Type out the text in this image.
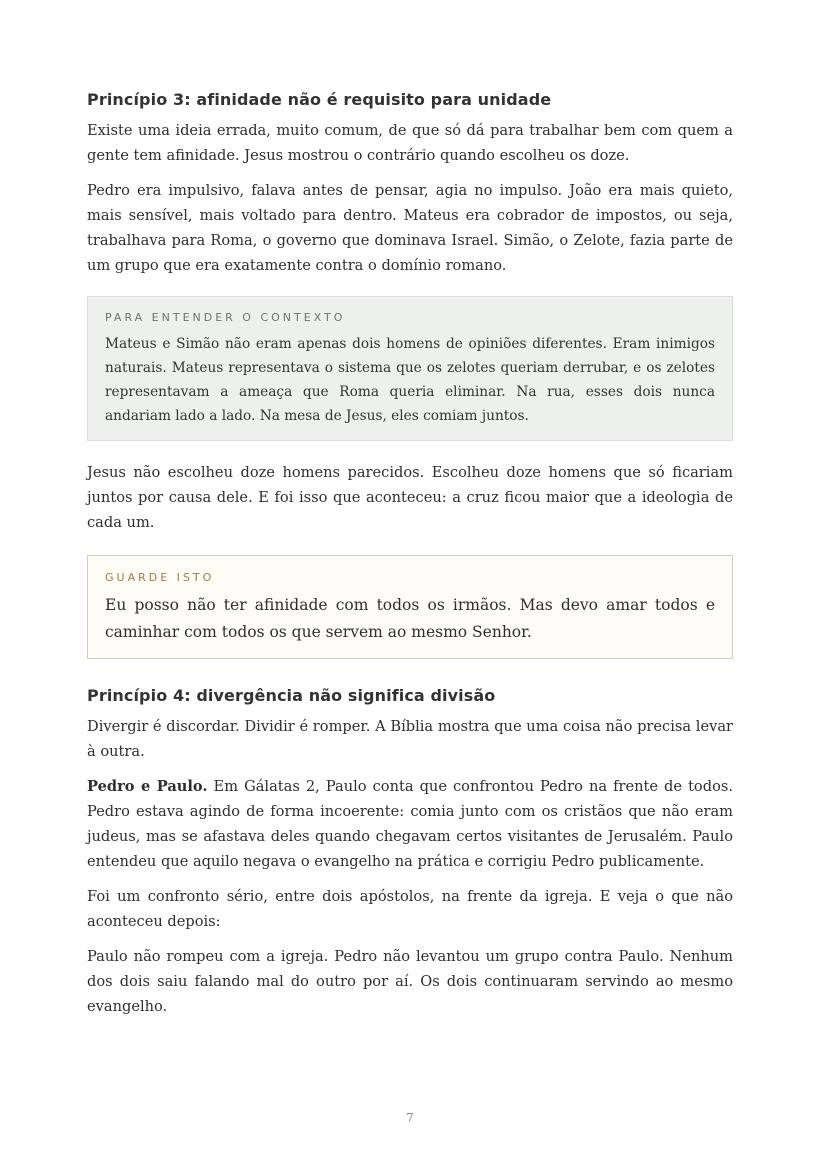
Princípio 3: afinidade não é requisito para unidade

Existe uma ideia errada, muito comum, de que só dá para trabalhar bem com quem a gente tem afinidade. Jesus mostrou o contrário quando escolheu os doze.

Pedro era impulsivo, falava antes de pensar, agia no impulso. João era mais quieto, mais sensível, mais voltado para dentro. Mateus era cobrador de impostos, ou seja, trabalhava para Roma, o governo que dominava Israel. Simão, o Zelote, fazia parte de um grupo que era exatamente contra o domínio romano.

PARA ENTENDER O CONTEXTO

Mateus e Simão não eram apenas dois homens de opiniões diferentes. Eram inimigos naturais. Mateus representava o sistema que os zelotes queriam derrubar, e os zelotes representavam a ameaça que Roma queria eliminar. Na rua, esses dois nunca andariam lado a lado. Na mesa de Jesus, eles comiam juntos.

Jesus não escolheu doze homens parecidos. Escolheu doze homens que só ficariam juntos por causa dele. E foi isso que aconteceu: a cruz ficou maior que a ideologia de cada um.

GUARDE ISTO

Eu posso não ter afinidade com todos os irmãos. Mas devo amar todos e caminhar com todos os que servem ao mesmo Senhor.

Princípio 4: divergência não significa divisão

Divergir é discordar. Dividir é romper. A Bíblia mostra que uma coisa não precisa levar à outra.

Pedro e Paulo. Em Gálatas 2, Paulo conta que confrontou Pedro na frente de todos. Pedro estava agindo de forma incoerente: comia junto com os cristãos que não eram judeus, mas se afastava deles quando chegavam certos visitantes de Jerusalém. Paulo entendeu que aquilo negava o evangelho na prática e corrigiu Pedro publicamente.

Foi um confronto sério, entre dois apóstolos, na frente da igreja. E veja o que não aconteceu depois:

Paulo não rompeu com a igreja. Pedro não levantou um grupo contra Paulo. Nenhum dos dois saiu falando mal do outro por aí. Os dois continuaram servindo ao mesmo evangelho.

7
